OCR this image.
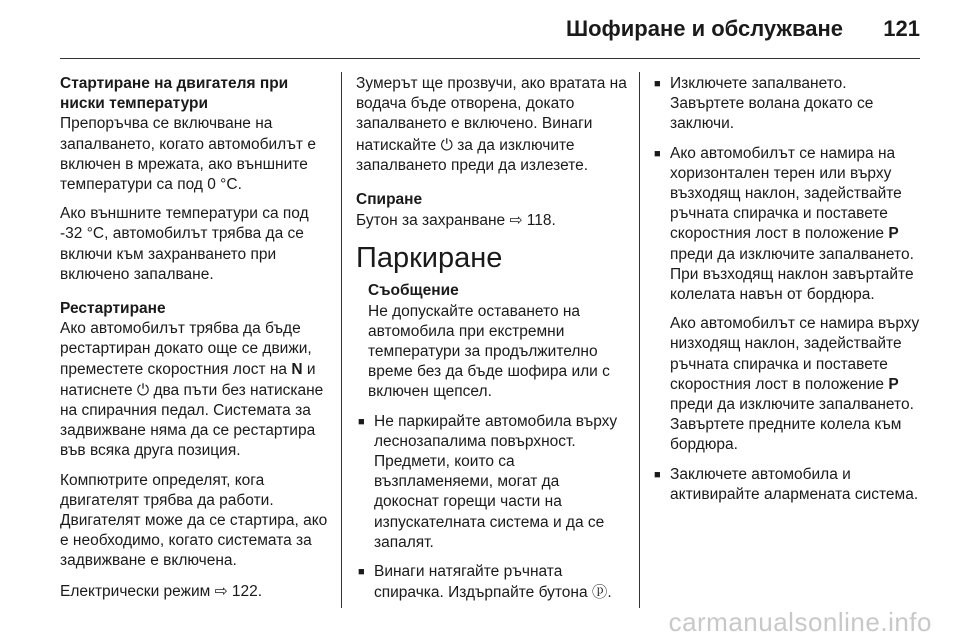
Шофиране и обслужване 121
Стартиране на двигателя при ниски температури

Препоръчва се включване на запалването, когато автомобилът е включен в мрежата, ако външните температури са под 0 °C.

Ако външните температури са под -32 °C, автомобилът трябва да се включи към захранването при включено запалване.

Рестартиране

Ако автомобилът трябва да бъде рестартиран докато още се движи, преместете скоростния лост на N и натиснете ⏻ два пъти без натискане на спирачния педал. Системата за задвижване няма да се рестартира във всяка друга позиция.

Компютрите определят, кога двигателят трябва да работи. Двигателят може да се стартира, ако е необходимо, когато системата за задвижване е включена.

Електрически режим ⇨ 122.

Зумерът ще прозвучи, ако вратата на водача бъде отворена, докато запалването е включено. Винаги натискайте ⏻ за да изключите запалването преди да излезете.

Спиране

Бутон за захранване ⇨ 118.

Паркиране
Съобщение

Не допускайте оставането на автомобила при екстремни температури за продължително време без да бъде шофира или с включен щепсел.

■ Не паркирайте автомобила върху леснозапалима повърхност. Предмети, които са възпламеняеми, могат да докоснат горещи части на изпускателната система и да се запалят.
■ Винаги натягайте ръчната спирачка. Издърпайте бутона ⓟ.
■ Изключете запалването. Завъртете волана докато се заключи.
■ Ако автомобилът се намира на хоризонтален терен или върху възходящ наклон, задействайте ръчната спирачка и поставете скоростния лост в положение P преди да изключите запалването. При възходящ наклон завъртайте колелата навън от бордюра.
Ако автомобилът се намира върху низходящ наклон, задействайте ръчната спирачка и поставете скоростния лост в положение P преди да изключите запалването. Завъртете предните колела към бордюра.
■ Заключете автомобила и активирайте алармената система.
carmanualsonline.info
